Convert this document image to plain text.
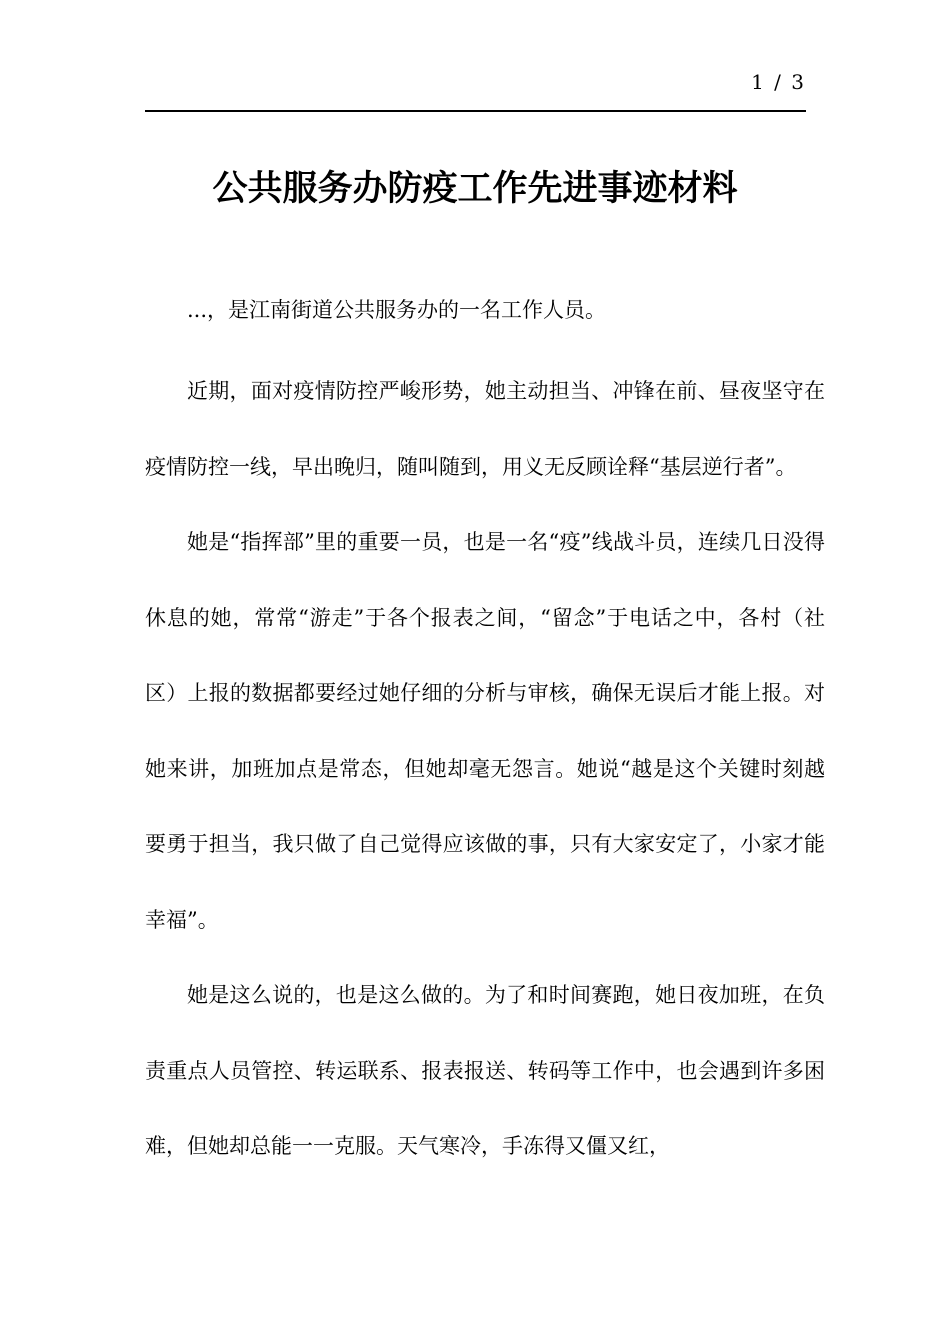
1 / 3
公共服务办防疫工作先进事迹材料

...，是江南街道公共服务办的一名工作人员。

近期，面对疫情防控严峻形势，她主动担当、冲锋在前、昼夜坚守在疫情防控一线，早出晚归，随叫随到，用义无反顾诠释“基层逆行者”。

她是“指挥部”里的重要一员，也是一名“疫”线战斗员，连续几日没得休息的她，常常“游走”于各个报表之间，“留念”于电话之中，各村（社区）上报的数据都要经过她仔细的分析与审核，确保无误后才能上报。对她来讲，加班加点是常态，但她却毫无怨言。她说“越是这个关键时刻越要勇于担当，我只做了自己觉得应该做的事，只有大家安定了，小家才能幸福”。

她是这么说的，也是这么做的。为了和时间赛跑，她日夜加班，在负责重点人员管控、转运联系、报表报送、转码等工作中，也会遇到许多困难，但她却总能一一克服。天气寒冷，手冻得又僵又红，
